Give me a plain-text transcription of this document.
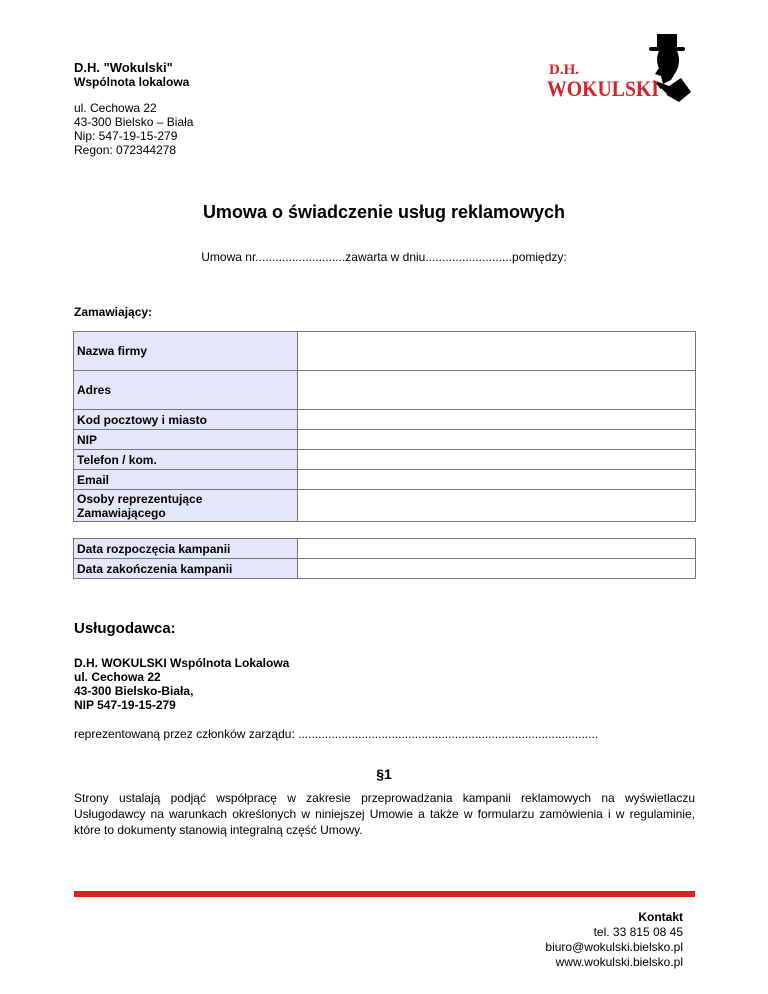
D.H. "Wokulski"
Wspólnota lokalowa
ul. Cechowa 22
43-300 Bielsko – Biała
Nip: 547-19-15-279
Regon: 072344278
D.H.
WOKULSKI
Umowa o świadczenie usług reklamowych
Umowa nr...........................zawarta w dniu..........................pomiędzy:
Zamawiający:
Nazwa firmy	
Adres	
Kod pocztowy i miasto	
NIP	
Telefon / kom.	
Email	
Osoby reprezentujące
Zamawiającego	
Data rozpoczęcia kampanii	
Data zakończenia kampanii	
Usługodawca:
D.H. WOKULSKI Wspólnota Lokalowa
ul. Cechowa 22
43-300 Bielsko-Biała,
NIP 547-19-15-279
reprezentowaną przez członków zarządu: ..........................................................................................
§1
Strony ustalają podjąć współpracę w zakresie przeprowadzania kampanii reklamowych na wyświetlaczu Usługodawcy na warunkach określonych w niniejszej Umowie a także w formularzu zamówienia i w regulaminie, które to dokumenty stanowią integralną część Umowy.
Kontakt
tel. 33 815 08 45
biuro@wokulski.bielsko.pl
www.wokulski.bielsko.pl
